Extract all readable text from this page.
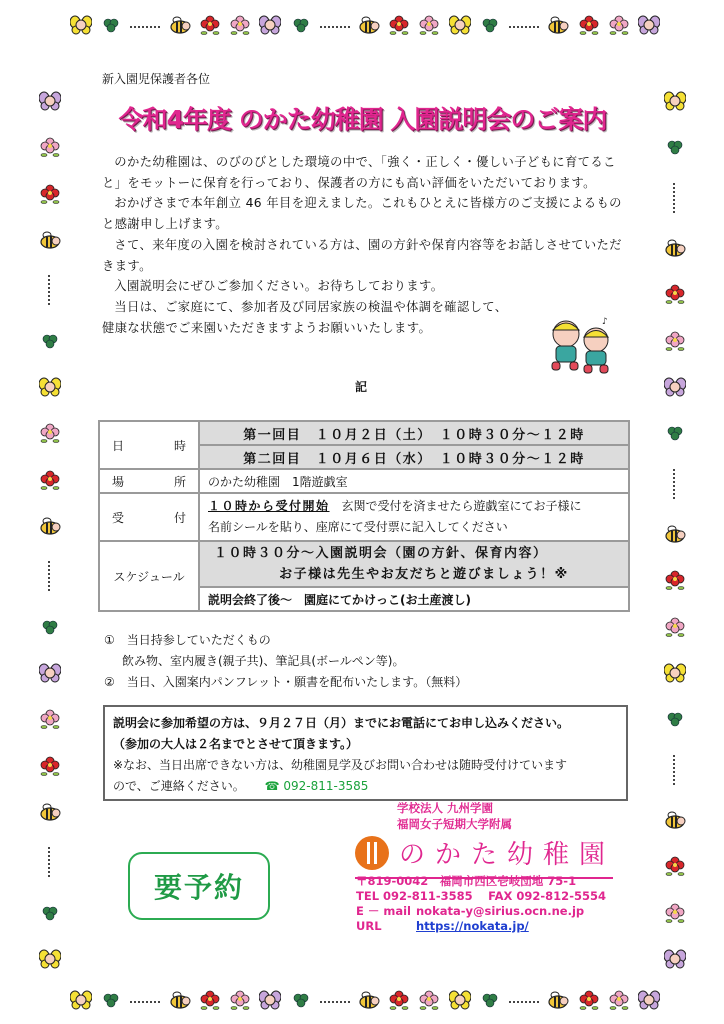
新入園児保護者各位
令和4年度 のかた幼稚園 入園説明会のご案内

のかた幼稚園は、のびのびとした環境の中で、「強く・正しく・優しい子どもに育てること」をモットーに保育を行っており、保護者の方にも高い評価をいただいております。

おかげさまで本年創立 46 年目を迎えました。これもひとえに皆様方のご支援によるものと感謝申し上げます。

さて、来年度の入園を検討されている方は、園の方針や保育内容等をお話しさせていただきます。

入園説明会にぜひご参加ください。お待ちしております。

当日は、ご家庭にて、参加者及び同居家族の検温や体調を確認して、

健康な状態でご来園いただきますようお願いいたします。	♪
記
日 時	第一回目　１０月２日（土）　１０時３０分～１２時
	第二回目　１０月６日（水）　１０時３０分～１２時

場 所	のかた幼稚園　1階遊戯室

受 付	１０時から受付開始　玄関で受付を済ませたら遊戯室にてお子様に
名前シールを貼り、座席にて受付票に記入してください
スケジュール	１０時３０分～入園説明会（園の方針、保育内容）

お子様は先生やお友だちと遊びましょう！※

	説明会終了後～　園庭にてかけっこ(お土産渡し)
①　当日持参していただくもの
飲み物、室内履き(親子共)、筆記具(ボールペン等)。
②　当日、入園案内パンフレット・願書を配布いたします。（無料）
説明会に参加希望の方は、９月２７日（月）までにお電話にてお申し込みください。
（参加の大人は２名までとさせて頂きます。）
※なお、当日出席できない方は、幼稚園見学及びお問い合わせは随時受付けています
ので、ご連絡ください。 ☎ 092-811-3585
要予約
学校法人 九州学園
福岡女子短期大学附属
のかた幼稚園
〒819-0042　福岡市西区壱岐団地 75-1
TEL 092-811-3585　 FAX 092-812-5554
E － mail nokata-y@sirius.ocn.ne.jp
URL	https://nokata.jp/
